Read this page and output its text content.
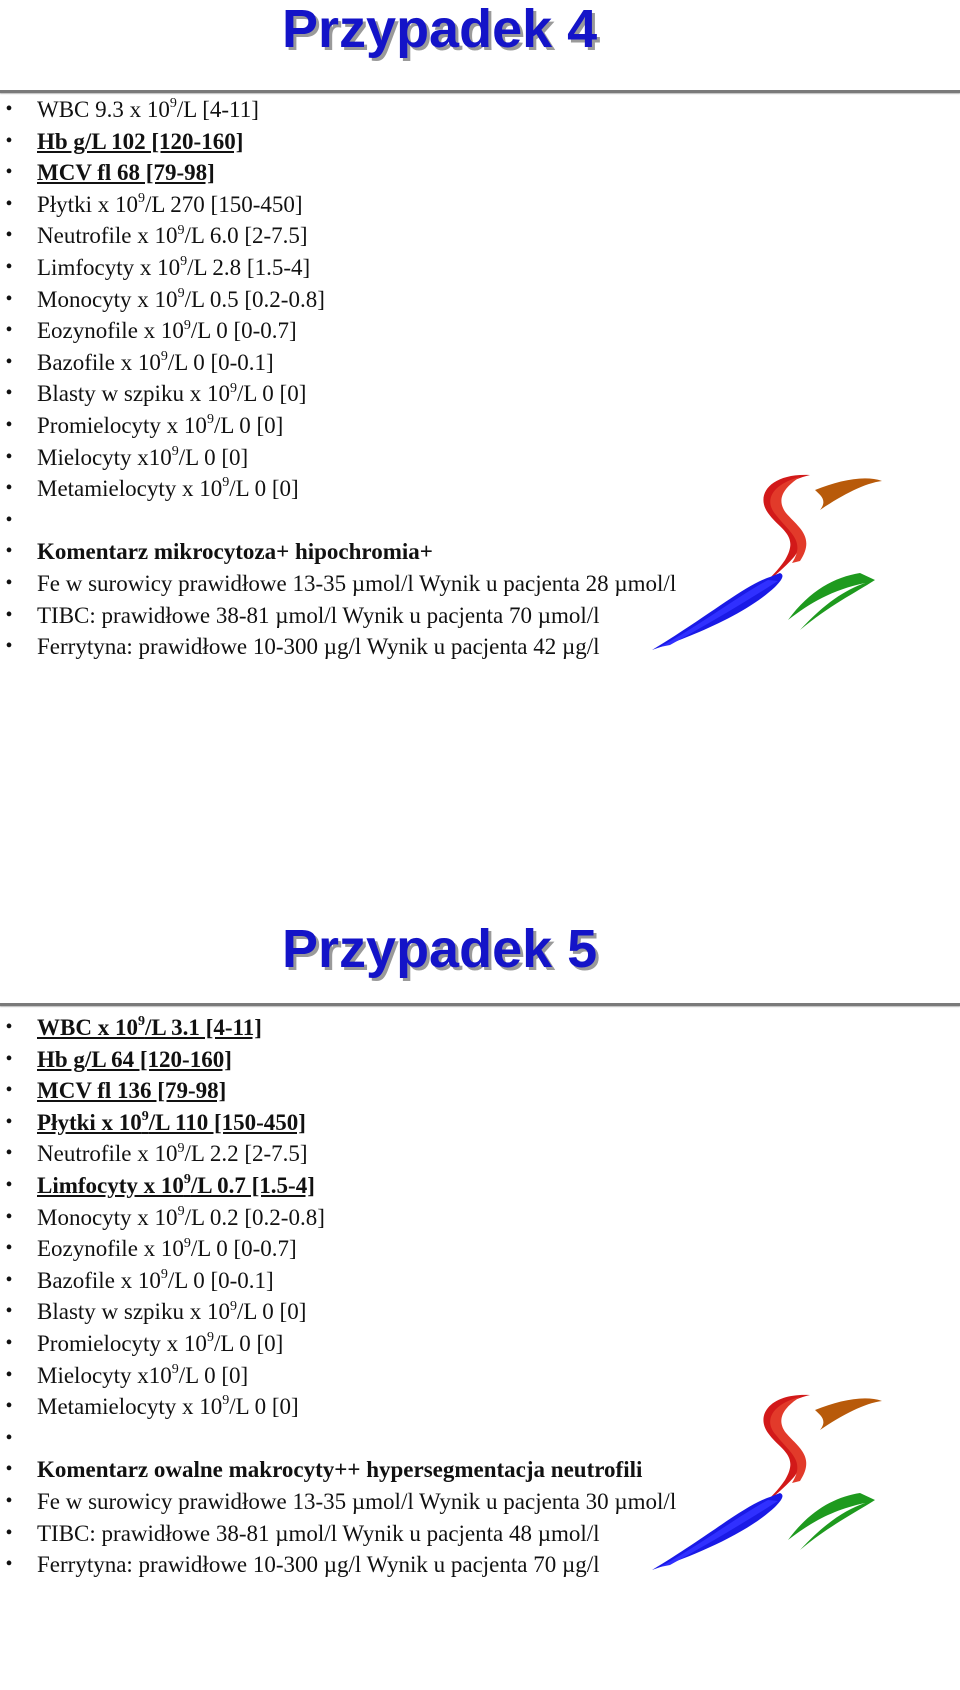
Przypadek 4
• WBC 9.3 x $10^9/L$ [4-11]
• Hb g/L 102 [120-160]
• MCV fl 68 [79-98]
• Płytki x $10^9/L$ 270 [150-450]
• Neutrofile x $10^9/L$ 6.0 [2-7.5]
• Limfocyty x $10^9/L$ 2.8 [1.5-4]
• Monocyty x $10^9/L$ 0.5 [0.2-0.8]
• Eozynofile x $10^9/L$ 0 [0-0.7]
• Bazofile x $10^9/L$ 0 [0-0.1]
• Blasty w szpiku x $10^9/L$ 0 [0]
• Promielocyty x $10^9/L$ 0 [0]
• Mielocyty $x10^9/L$ 0 [0]
• Metamielocyty x $10^9/L$ 0 [0]
•
• Komentarz mikrocytoza+ hipochromia+
• Fe w surowicy prawidłowe 13-35 µmol/l Wynik u pacjenta 28 µmol/l
• TIBC: prawidłowe 38-81 µmol/l Wynik u pacjenta 70 µmol/l
• Ferrytyna: prawidłowe 10-300 µg/l Wynik u pacjenta 42 µg/l
Przypadek 5
• WBC x $10^9/L$ 3.1 [4-11]
• Hb g/L 64 [120-160]
• MCV fl 136 [79-98]
• Płytki x $10^9/L$ 110 [150-450]
• Neutrofile x $10^9/L$ 2.2 [2-7.5]
• Limfocyty x $10^9/L$ 0.7 [1.5-4]
• Monocyty x $10^9/L$ 0.2 [0.2-0.8]
• Eozynofile x $10^9/L$ 0 [0-0.7]
• Bazofile x $10^9/L$ 0 [0-0.1]
• Blasty w szpiku x $10^9/L$ 0 [0]
• Promielocyty x $10^9/L$ 0 [0]
• Mielocyty $x10^9/L$ 0 [0]
• Metamielocyty x $10^9/L$ 0 [0]
•
• Komentarz owalne makrocyty++ hypersegmentacja neutrofili
• Fe w surowicy prawidłowe 13-35 µmol/l Wynik u pacjenta 30 µmol/l
• TIBC: prawidłowe 38-81 µmol/l Wynik u pacjenta 48 µmol/l
• Ferrytyna: prawidłowe 10-300 µg/l Wynik u pacjenta 70 µg/l
